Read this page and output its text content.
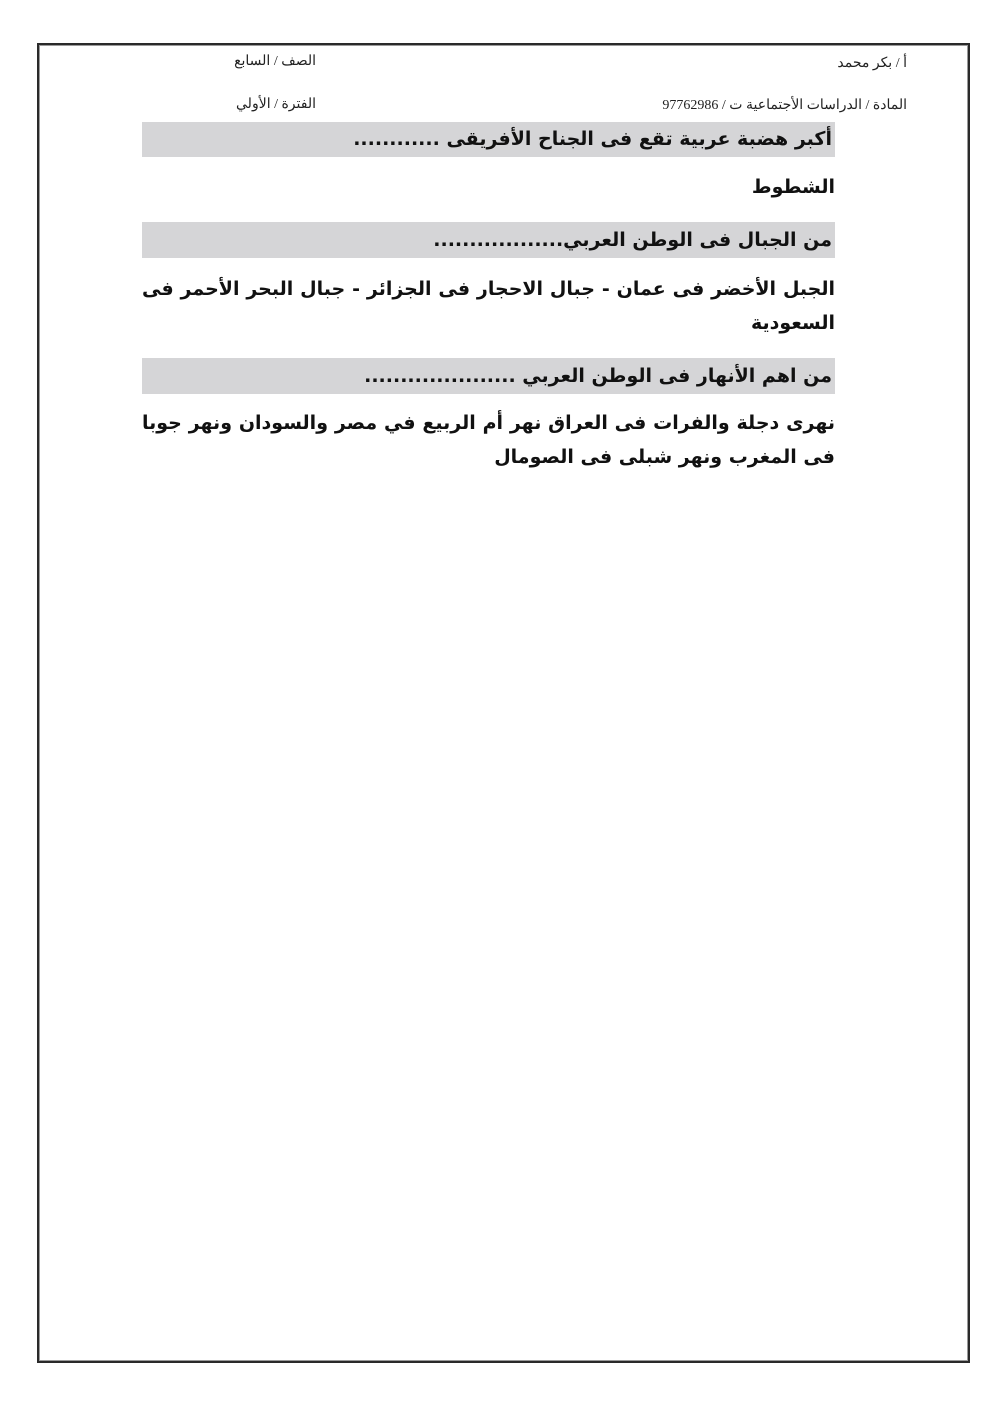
أ / بكر محمد
المادة / الدراسات الأجتماعية ت / 97762986
الصف / السابع
الفترة / الأولي
أكبر هضبة عربية تقع فى الجناح الأفريقى ............
الشطوط
من الجبال فى الوطن العربي..................
الجبل الأخضر فى عمان - جبال الاحجار فى الجزائر - جبال البحر الأحمر فى السعودية
من اهم الأنهار فى الوطن العربي .....................
نهرى دجلة والفرات فى العراق نهر أم الربيع في مصر والسودان ونهر جوبا فى المغرب ونهر شبلى فى الصومال
